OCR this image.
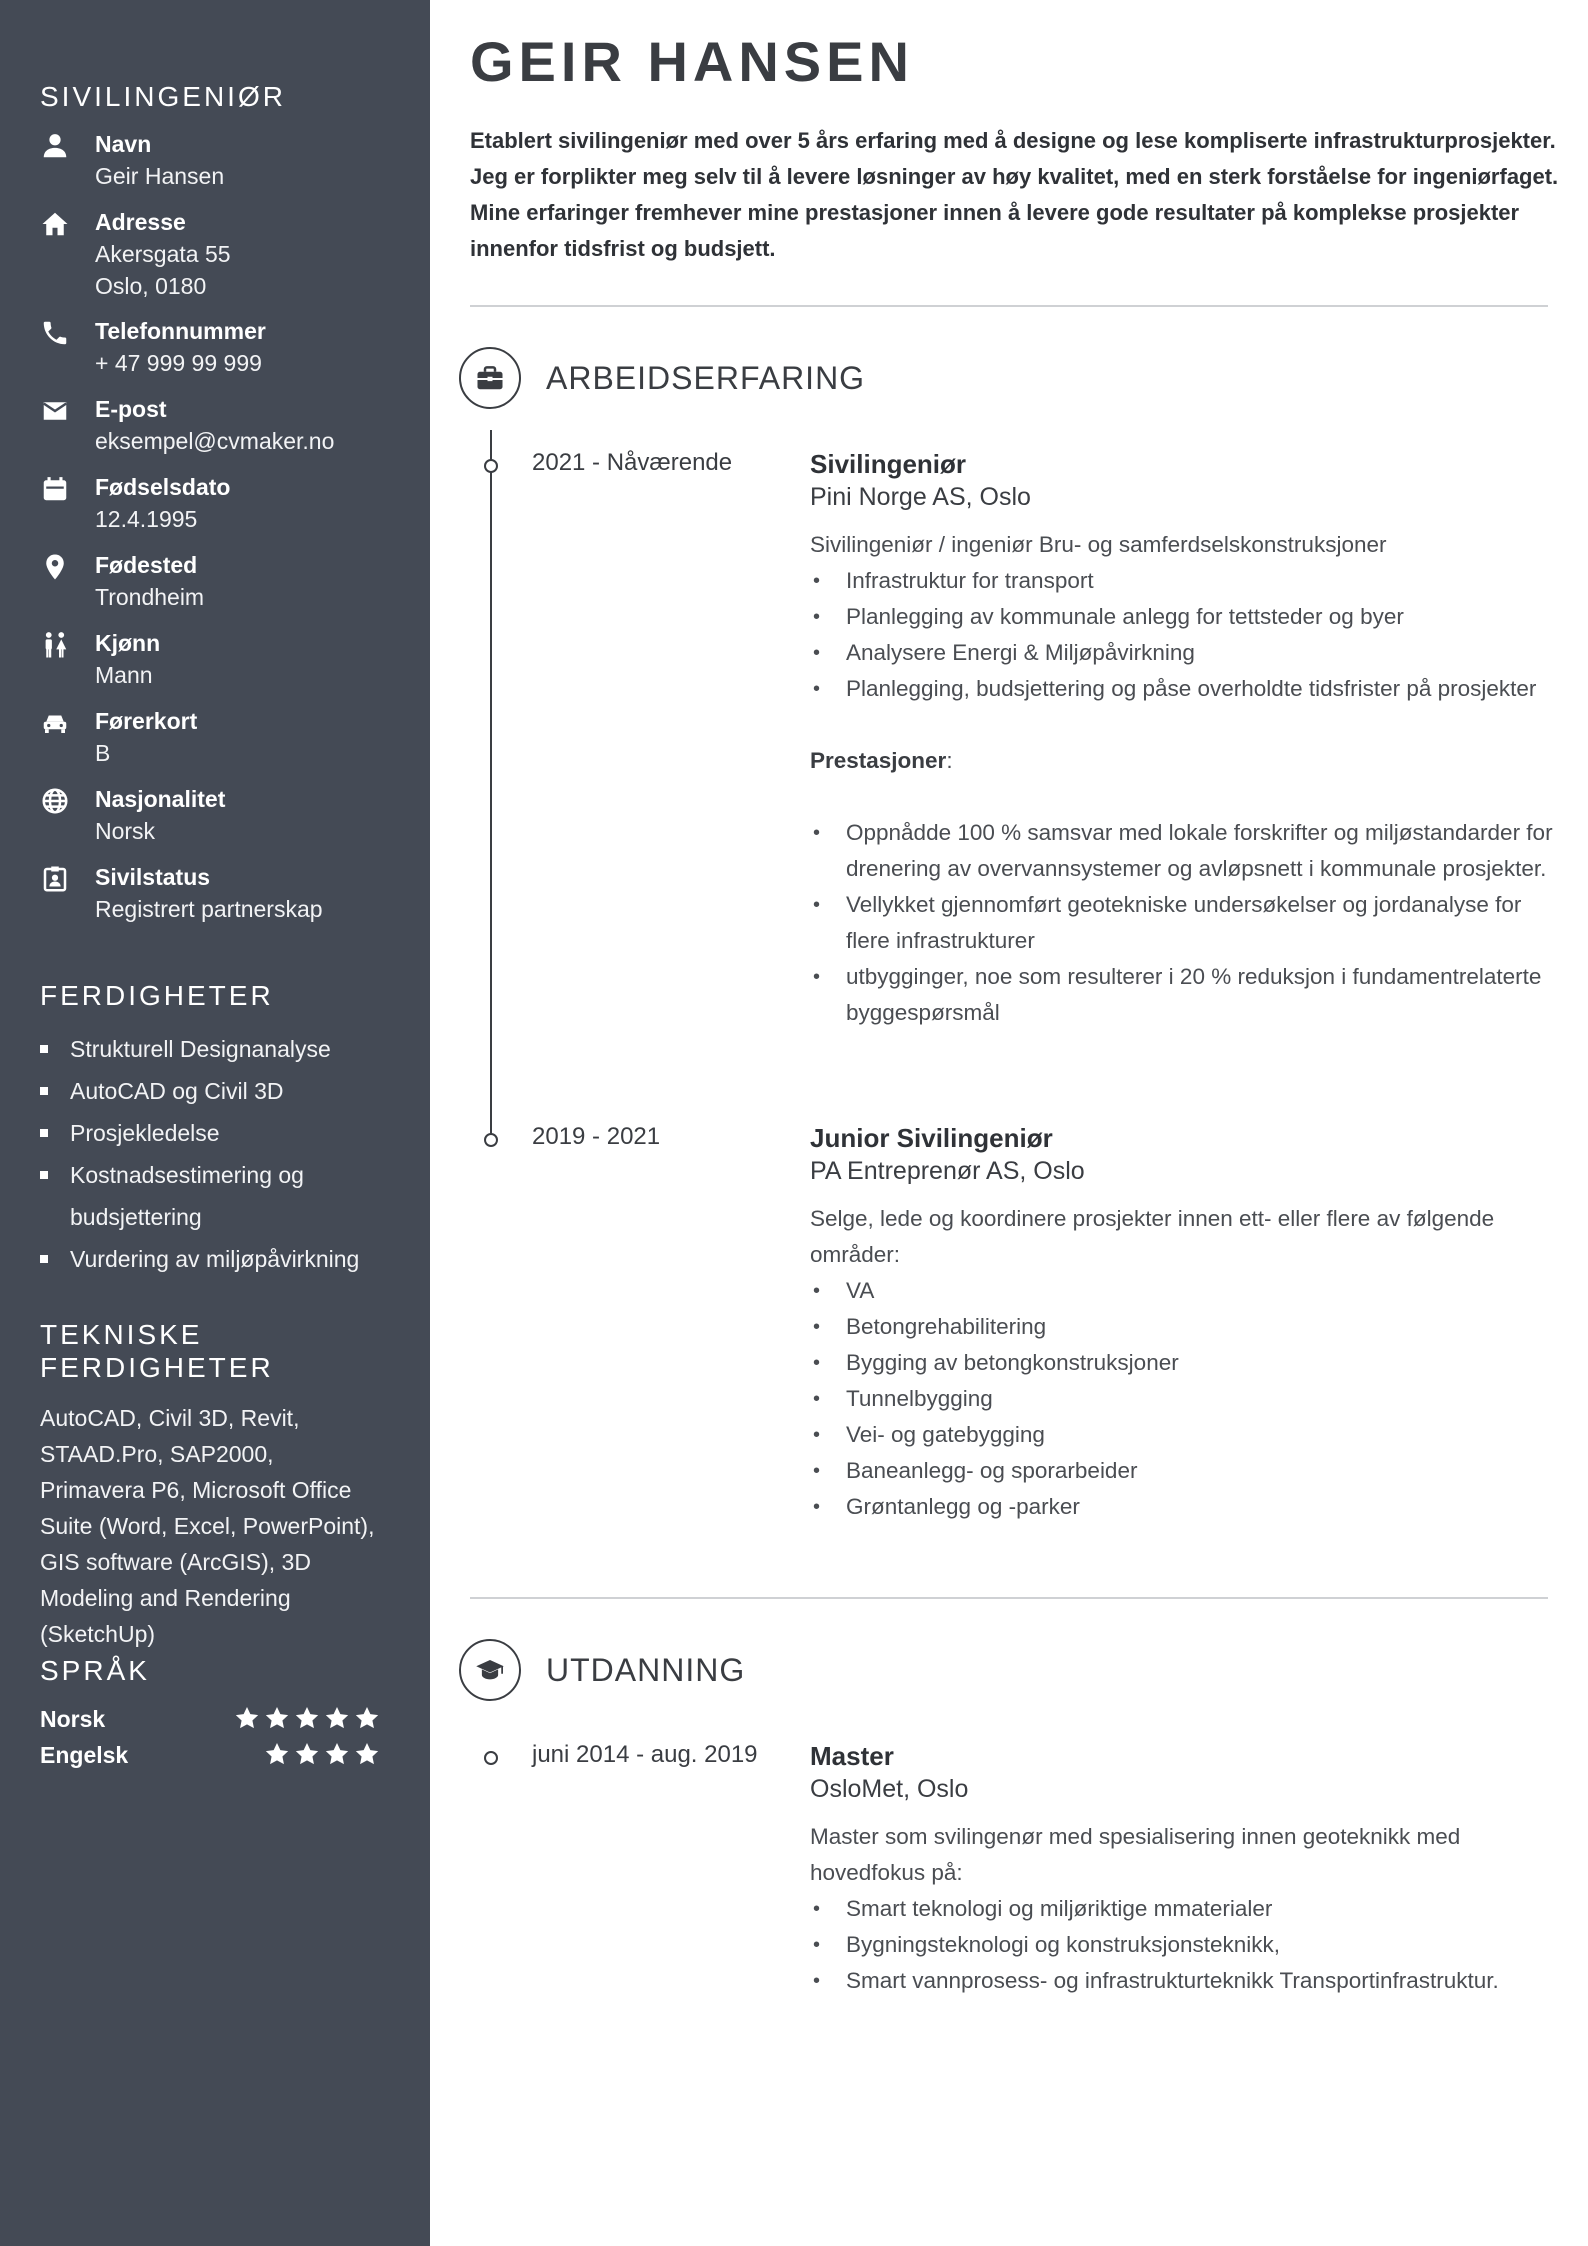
SIVILINGENIØR
Navn
Geir Hansen
Adresse
Akersgata 55
Oslo, 0180
Telefonnummer
+ 47 999 99 999
E-post
eksempel@cvmaker.no
Fødselsdato
12.4.1995
Fødested
Trondheim
Kjønn
Mann
Førerkort
B
Nasjonalitet
Norsk
Sivilstatus
Registrert partnerskap
FERDIGHETER
Strukturell Designanalyse
AutoCAD og Civil 3D
Prosjekledelse
Kostnadsestimering og budsjettering
Vurdering av miljøpåvirkning
TEKNISKE
FERDIGHETER
AutoCAD, Civil 3D, Revit, STAAD.Pro, SAP2000, Primavera P6, Microsoft Office Suite (Word, Excel, PowerPoint), GIS software (ArcGIS), 3D Modeling and Rendering (SketchUp)
SPRÅK
Norsk
Engelsk
GEIR HANSEN
Etablert sivilingeniør med over 5 års erfaring med å designe og lese kompliserte infrastrukturprosjekter. Jeg er forplikter meg selv til å levere løsninger av høy kvalitet, med en sterk forståelse for ingeniørfaget. Mine erfaringer fremhever mine prestasjoner innen å levere gode resultater på komplekse prosjekter innenfor tidsfrist og budsjett.
ARBEIDSERFARING
2021 - Nåværende	Sivilingeniør
Pini Norge AS, Oslo
Sivilingeniør / ingeniør Bru- og samferdselskonstruksjoner
• Infrastruktur for transport
• Planlegging av kommunale anlegg for tettsteder og byer
• Analysere Energi & Miljøpåvirkning
• Planlegging, budsjettering og påse overholdte tidsfrister på prosjekter
Prestasjoner:
• Oppnådde 100 % samsvar med lokale forskrifter og miljøstandarder for drenering av overvannsystemer og avløpsnett i kommunale prosjekter.
• Vellykket gjennomført geotekniske undersøkelser og jordanalyse for flere infrastrukturer
• utbygginger, noe som resulterer i 20 % reduksjon i fundamentrelaterte byggespørsmål
2019 - 2021	Junior Sivilingeniør
PA Entreprenør AS, Oslo
Selge, lede og koordinere prosjekter innen ett- eller flere av følgende områder:
• VA
• Betongrehabilitering
• Bygging av betongkonstruksjoner
• Tunnelbygging
• Vei- og gatebygging
• Baneanlegg- og sporarbeider
• Grøntanlegg og -parker
UTDANNING
juni 2014 - aug. 2019 Master
OsloMet, Oslo
Master som svilingenør med spesialisering innen geoteknikk med hovedfokus på:
• Smart teknologi og miljøriktige mmaterialer
• Bygningsteknologi og konstruksjonsteknikk,
• Smart vannprosess- og infrastrukturteknikk Transportinfrastruktur.
